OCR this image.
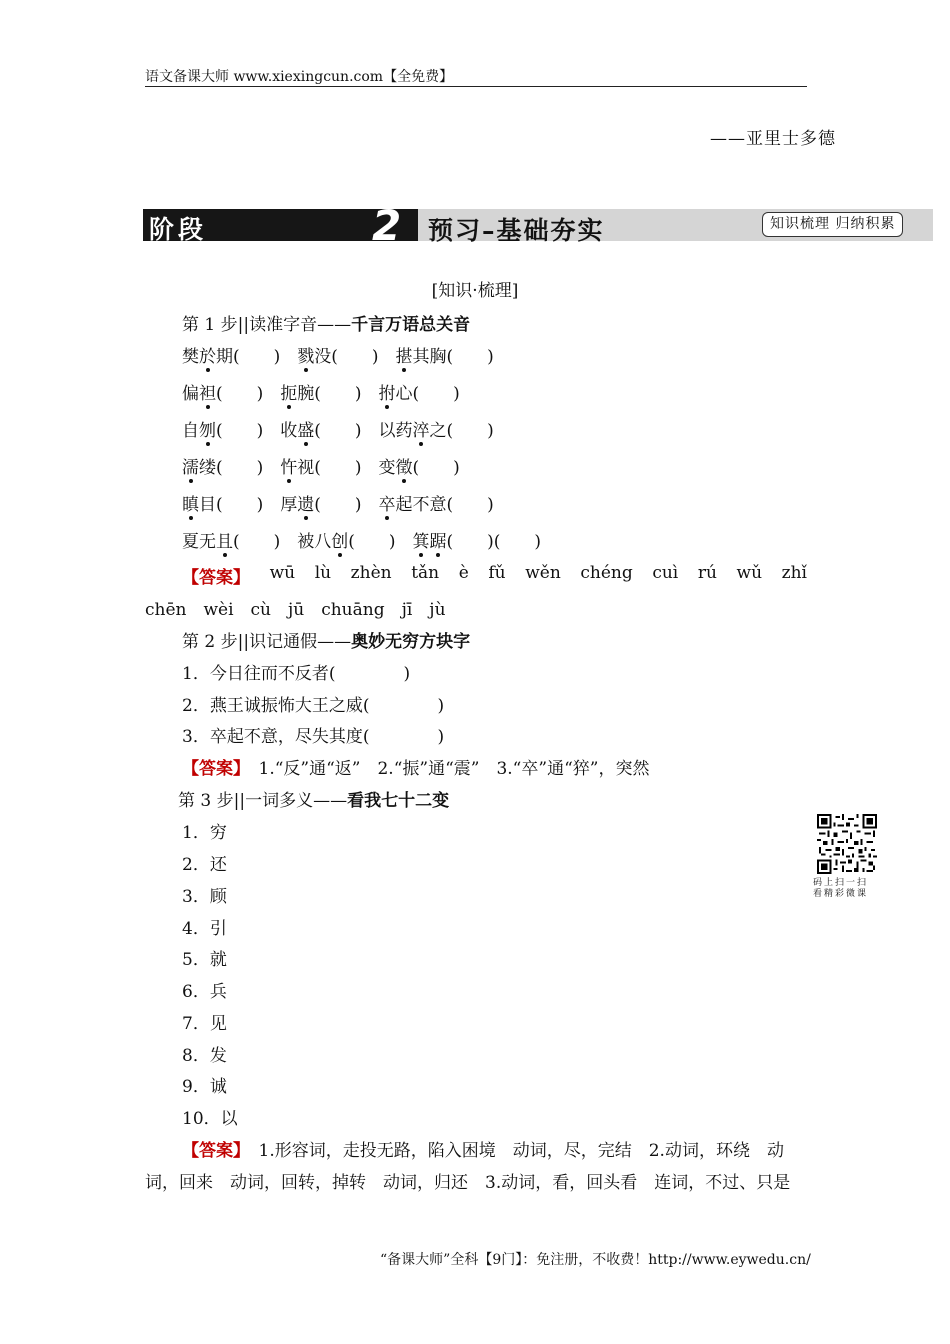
语文备课大师 www.xiexingcun.com【全免费】
——亚里士多德
阶段	2 预习–基础夯实	知识梳理 归纳积累
[知识·梳理]
第 1 步||读准字音——千言万语总关音
樊於期(　　)　戮没(　　)　揕其胸(　　)
偏袒(　　)　扼腕(　　)　拊心(　　)
自刎(　　)　收盛(　　)　以药淬之(　　)
濡缕(　　)　忤视(　　)　变徵(　　)
瞋目(　　)　厚遗(　　)　卒起不意(　　)
夏无且(　　)　被八创(　　)　箕踞(　　)(　　)
【答案】 wū lù zhèn tǎn è fǔ wěn chéng cuì rú wǔ zhǐ
chēn　wèi　cù　jū　chuāng　jī　jù
第 2 步||识记通假——奥妙无穷方块字
1．今日往而不反者(　　　　)
2．燕王诚振怖大王之威(　　　　)
3．卒起不意，尽失其度(　　　　)
【答案】　 1.“反”通“返”　2.“振”通“震”　3.“卒”通“猝”，突然
第 3 步||一词多义——看我七十二变
1．穷
2．还
3．顾
4．引
5．就
6．兵
7．见
8．发
9．诚
10．以
【答案】　 1.形容词，走投无路，陷入困境　动词，尽，完结　2.动词，环绕　动
词，回来　动词，回转，掉转　动词，归还　3.动词，看，回头看　连词，不过、只是
码上扫一扫
看精彩微课
“备课大师”全科【9门】：免注册，不收费！http://www.eywedu.cn/
